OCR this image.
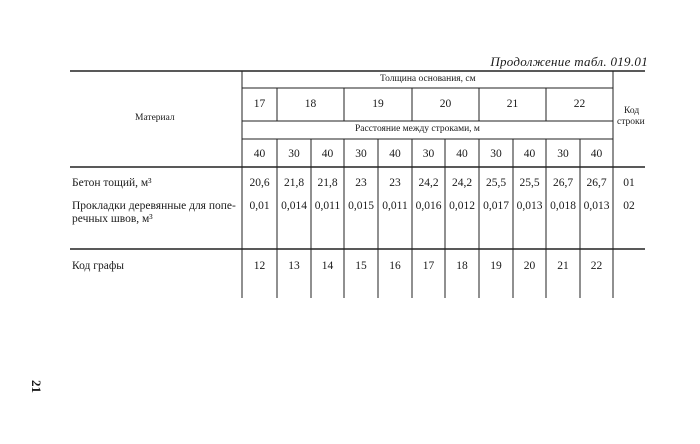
Продолжение табл. 019.01
Материал
Толщина основания, см
Расстояние между строками, м
Код
строки
17	18	19	20	21	22
40	30	40	30	40	30	40	30	40	30	40
Бетон тощий, м³	20,6	21,8	21,8	23	23	24,2	24,2	25,5	25,5	26,7	26,7	01
Прокладки деревянные для попе-
речных швов, м³
0,01	0,014 0,011 0,015 0,011 0,016 0,012 0,017 0,013 0,018 0,013	02
Код графы	12	13	14	15	16	17	18	19	20	21	22
21
